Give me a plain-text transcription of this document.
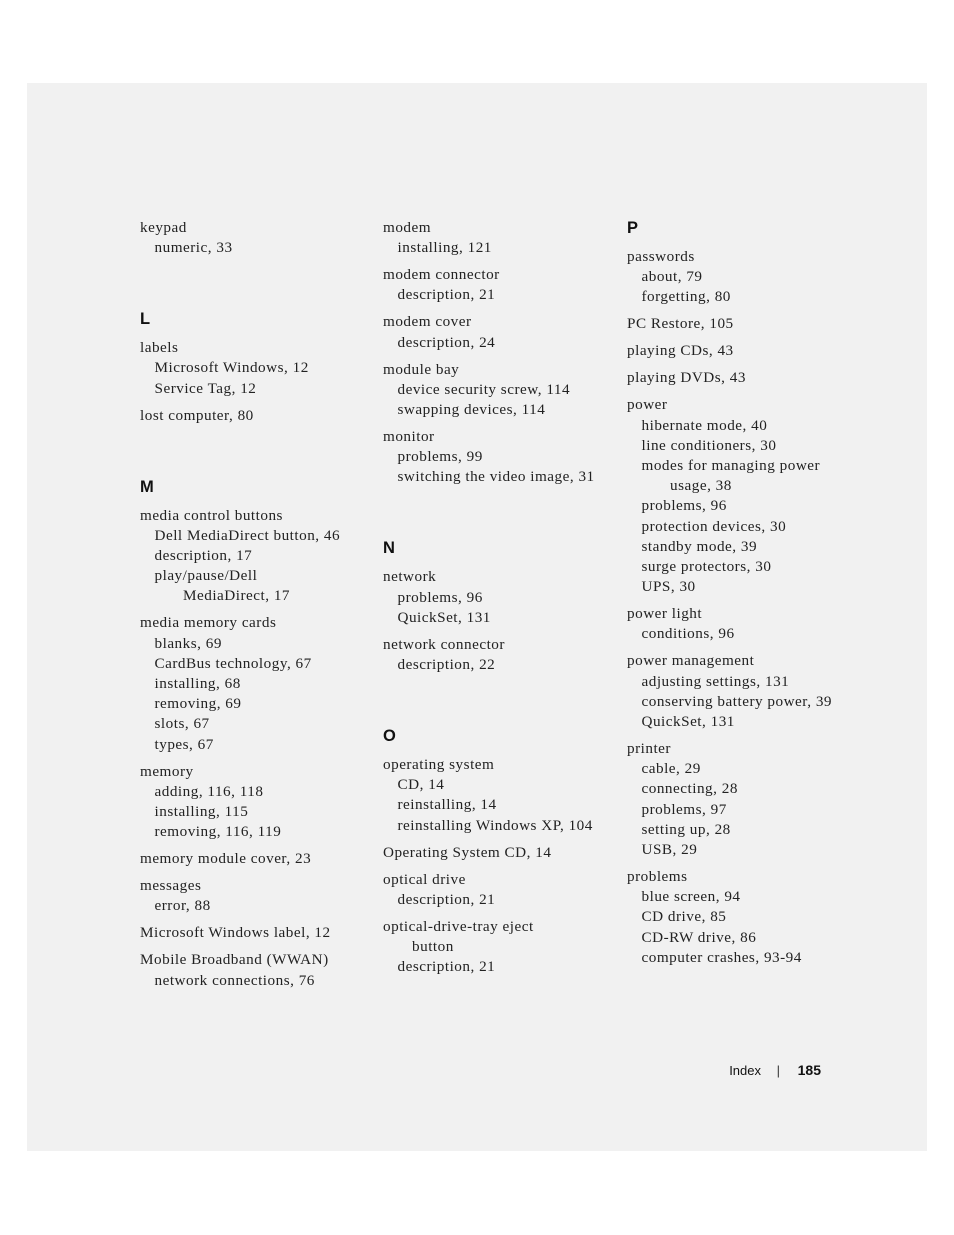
keypad
numeric, 33
L
labels
Microsoft Windows, 12
Service Tag, 12
lost computer, 80
M
media control buttons
Dell MediaDirect button, 46
description, 17
play/pause/Dell
MediaDirect, 17
media memory cards
blanks, 69
CardBus technology, 67
installing, 68
removing, 69
slots, 67
types, 67
memory
adding, 116, 118
installing, 115
removing, 116, 119
memory module cover, 23
messages
error, 88
Microsoft Windows label, 12
Mobile Broadband (WWAN)
network connections, 76
modem
installing, 121
modem connector
description, 21
modem cover
description, 24
module bay
device security screw, 114
swapping devices, 114
monitor
problems, 99
switching the video image, 31
N
network
problems, 96
QuickSet, 131
network connector
description, 22
O
operating system
CD, 14
reinstalling, 14
reinstalling Windows XP, 104
Operating System CD, 14
optical drive
description, 21
optical-drive-tray eject
button
description, 21
P
passwords
about, 79
forgetting, 80
PC Restore, 105
playing CDs, 43
playing DVDs, 43
power
hibernate mode, 40
line conditioners, 30
modes for managing power
usage, 38
problems, 96
protection devices, 30
standby mode, 39
surge protectors, 30
UPS, 30
power light
conditions, 96
power management
adjusting settings, 131
conserving battery power, 39
QuickSet, 131
printer
cable, 29
connecting, 28
problems, 97
setting up, 28
USB, 29
problems
blue screen, 94
CD drive, 85
CD-RW drive, 86
computer crashes, 93-94
Index | 185
